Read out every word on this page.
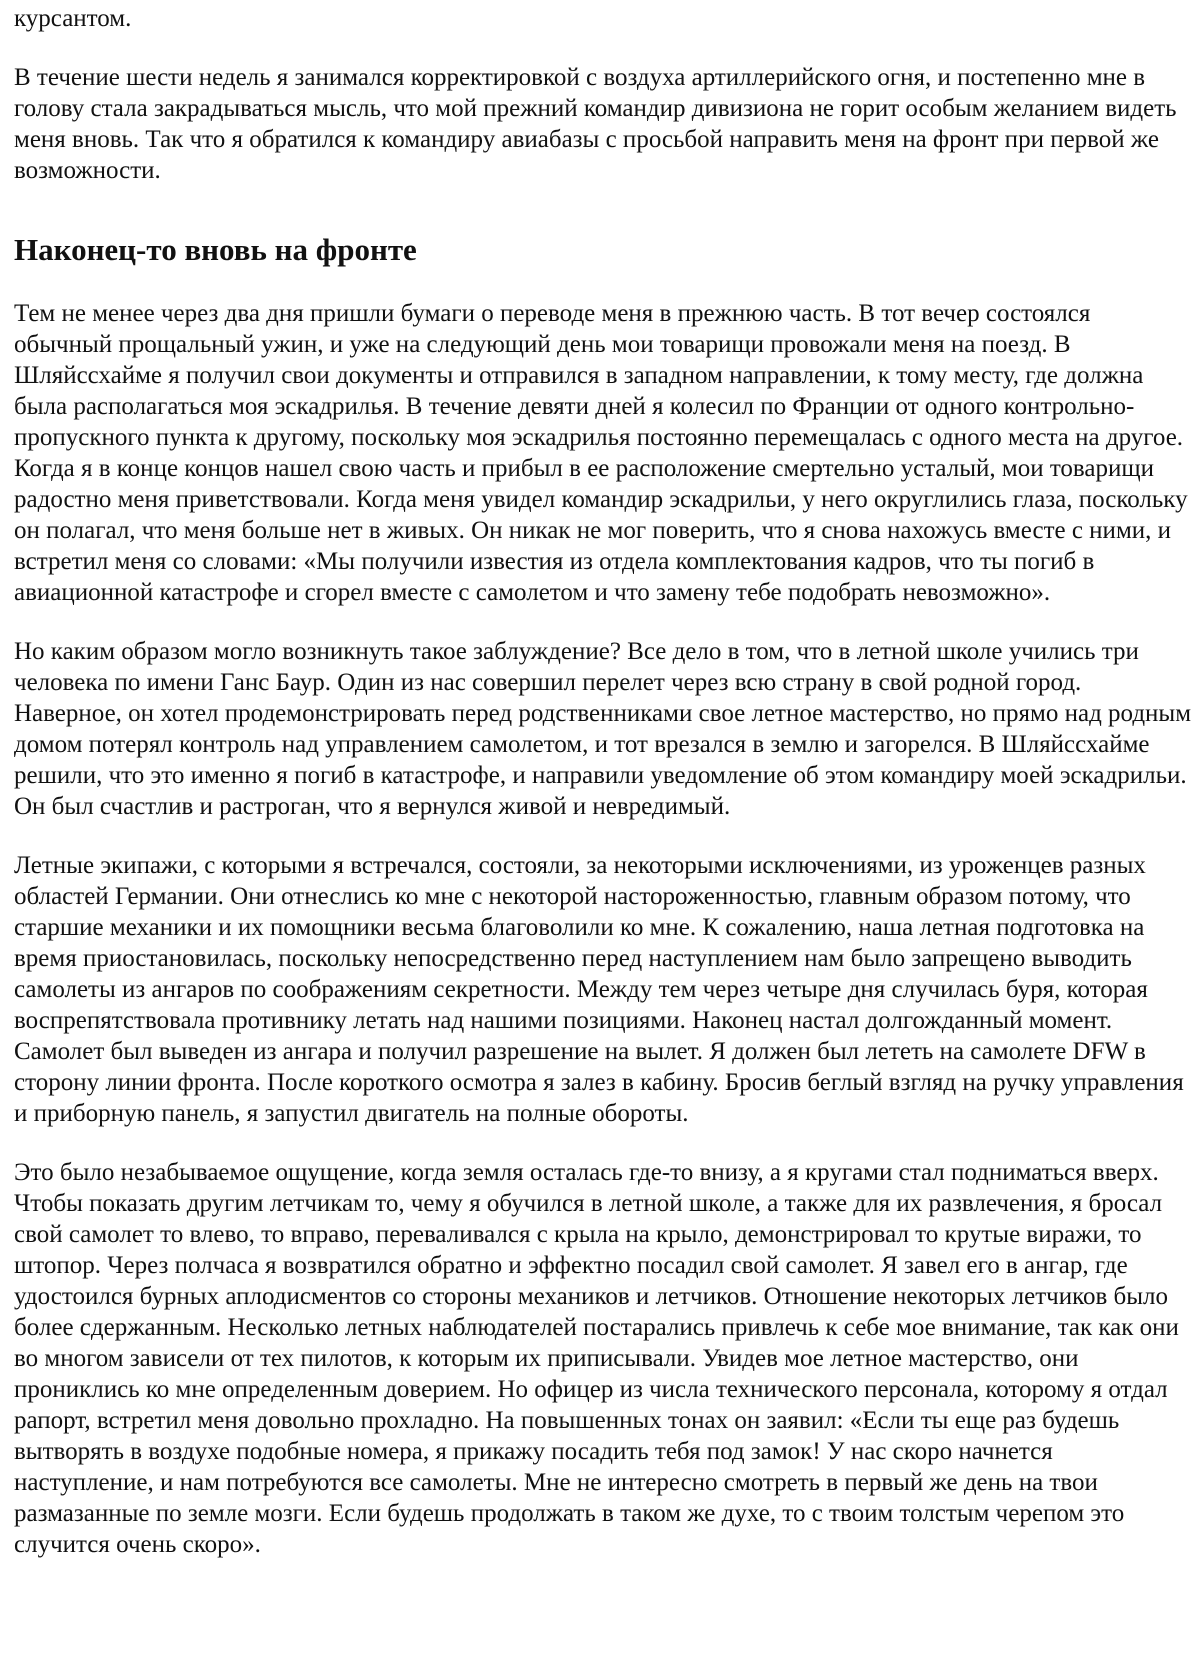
курсантом.

В течение шести недель я занимался корректировкой с воздуха артиллерийского огня, и постепенно мне в голову стала закрадываться мысль, что мой прежний командир дивизиона не горит особым желанием видеть меня вновь. Так что я обратился к командиру авиабазы с просьбой направить меня на фронт при первой же возможности.

Наконец-то вновь на фронте

Тем не менее через два дня пришли бумаги о переводе меня в прежнюю часть. В тот вечер состоялся обычный прощальный ужин, и уже на следующий день мои товарищи провожали меня на поезд. В Шляйссхайме я получил свои документы и отправился в западном направлении, к тому месту, где должна была располагаться моя эскадрилья. В течение девяти дней я колесил по Франции от одного контрольно-пропускного пункта к другому, поскольку моя эскадрилья постоянно перемещалась с одного места на другое. Когда я в конце концов нашел свою часть и прибыл в ее расположение смертельно усталый, мои товарищи радостно меня приветствовали. Когда меня увидел командир эскадрильи, у него округлились глаза, поскольку он полагал, что меня больше нет в живых. Он никак не мог поверить, что я снова нахожусь вместе с ними, и встретил меня со словами: «Мы получили известия из отдела комплектования кадров, что ты погиб в авиационной катастрофе и сгорел вместе с самолетом и что замену тебе подобрать невозможно».

Но каким образом могло возникнуть такое заблуждение? Все дело в том, что в летной школе учились три человека по имени Ганс Баур. Один из нас совершил перелет через всю страну в свой родной город. Наверное, он хотел продемонстрировать перед родственниками свое летное мастерство, но прямо над родным домом потерял контроль над управлением самолетом, и тот врезался в землю и загорелся. В Шляйссхайме решили, что это именно я погиб в катастрофе, и направили уведомление об этом командиру моей эскадрильи. Он был счастлив и растроган, что я вернулся живой и невредимый.

Летные экипажи, с которыми я встречался, состояли, за некоторыми исключениями, из уроженцев разных областей Германии. Они отнеслись ко мне с некоторой настороженностью, главным образом потому, что старшие механики и их помощники весьма благоволили ко мне. К сожалению, наша летная подготовка на время приостановилась, поскольку непосредственно перед наступлением нам было запрещено выводить самолеты из ангаров по соображениям секретности. Между тем через четыре дня случилась буря, которая воспрепятствовала противнику летать над нашими позициями. Наконец настал долгожданный момент. Самолет был выведен из ангара и получил разрешение на вылет. Я должен был лететь на самолете DFW в сторону линии фронта. После короткого осмотра я залез в кабину. Бросив беглый взгляд на ручку управления и приборную панель, я запустил двигатель на полные обороты.

Это было незабываемое ощущение, когда земля осталась где-то внизу, а я кругами стал подниматься вверх. Чтобы показать другим летчикам то, чему я обучился в летной школе, а также для их развлечения, я бросал свой самолет то влево, то вправо, переваливался с крыла на крыло, демонстрировал то крутые виражи, то штопор. Через полчаса я возвратился обратно и эффектно посадил свой самолет. Я завел его в ангар, где удостоился бурных аплодисментов со стороны механиков и летчиков. Отношение некоторых летчиков было более сдержанным. Несколько летных наблюдателей постарались привлечь к себе мое внимание, так как они во многом зависели от тех пилотов, к которым их приписывали. Увидев мое летное мастерство, они прониклись ко мне определенным доверием. Но офицер из числа технического персонала, которому я отдал рапорт, встретил меня довольно прохладно. На повышенных тонах он заявил: «Если ты еще раз будешь вытворять в воздухе подобные номера, я прикажу посадить тебя под замок! У нас скоро начнется наступление, и нам потребуются все самолеты. Мне не интересно смотреть в первый же день на твои размазанные по земле мозги. Если будешь продолжать в таком же духе, то с твоим толстым черепом это случится очень скоро».
